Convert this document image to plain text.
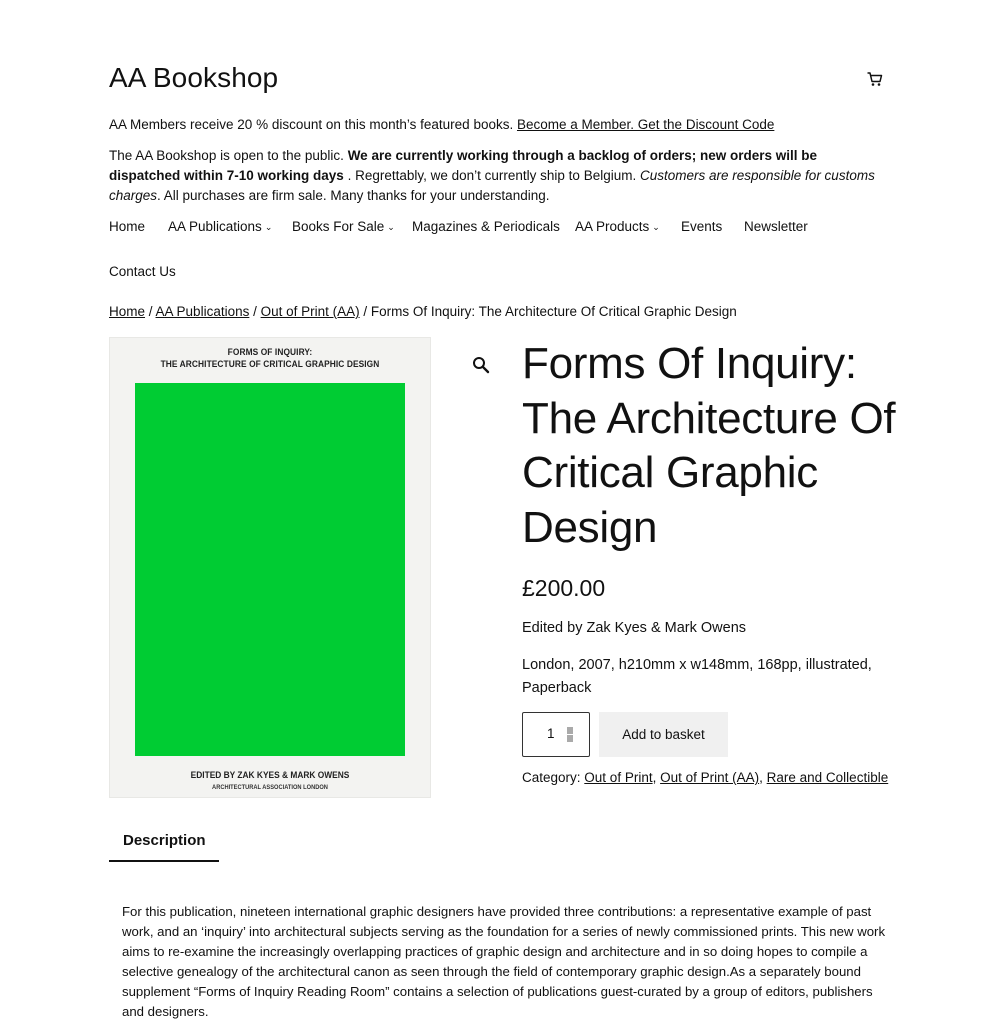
AA Bookshop
AA Members receive 20 % discount on this month’s featured books. Become a Member. Get the Discount Code
The AA Bookshop is open to the public. We are currently working through a backlog of orders; new orders will be dispatched within 7-10 working days . Regrettably, we don’t currently ship to Belgium. Customers are responsible for customs charges. All purchases are firm sale. Many thanks for your understanding.
Home AA Publications ⌄ Books For Sale ⌄ Magazines & Periodicals AA Products ⌄ Events Newsletter
Contact Us
Home / AA Publications / Out of Print (AA) / Forms Of Inquiry: The Architecture Of Critical Graphic Design
FORMS OF INQUIRY:
THE ARCHITECTURE OF CRITICAL GRAPHIC DESIGN
EDITED BY ZAK KYES & MARK OWENS
ARCHITECTURAL ASSOCIATION LONDON
Forms Of Inquiry: The Architecture Of Critical Graphic Design
£200.00
Edited by Zak Kyes & Mark Owens
London, 2007, h210mm x w148mm, 168pp, illustrated, Paperback
1	Add to basket
Category: Out of Print, Out of Print (AA), Rare and Collectible
Description

For this publication, nineteen international graphic designers have provided three contributions: a representative example of past work, and an ‘inquiry’ into architectural subjects serving as the foundation for a series of newly commissioned prints. This new work aims to re-examine the increasingly overlapping practices of graphic design and architecture and in so doing hopes to compile a selective genealogy of the architectural canon as seen through the field of contemporary graphic design.As a separately bound supplement “Forms of Inquiry Reading Room” contains a selection of publications guest-curated by a group of editors, publishers and designers.
